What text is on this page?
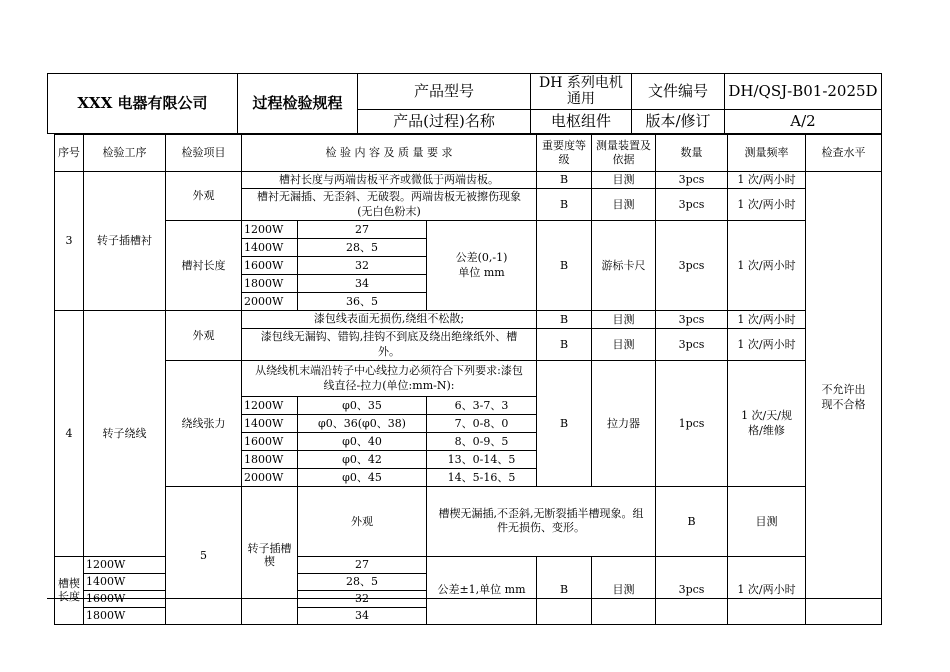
XXX 电器有限公司	过程检验规程	产品型号	DH 系列电机通用	文件编号	DH/QSJ-B01-2025D
		产品(过程)名称	电枢组件	版本/修订	A/2
序号	检验工序	检验项目	检 验 内 容 及 质 量 要 求			重要度等级	测量装置及依据	数量	测量频率	检查水平	
3	转子插槽衬	外观	槽衬长度与两端齿板平齐或微低于两端齿板。			B	目测	3pcs	1 次/两小时	不允许出现不合格	
			槽衬无漏插、无歪斜、无破裂。两端齿板无被擦伤现象(无白色粉末)			B	目测	3pcs	1 次/两小时		
		槽衬长度	1200W	27	公差(0,-1)单位 mm	B	游标卡尺	3pcs	1 次/两小时		
			1400W	28、5							
			1600W	32							
			1800W	34							
			2000W	36、5							
4	转子绕线	外观	漆包线表面无损伤,绕组不松散;			B	目测	3pcs	1 次/两小时		
			漆包线无漏钩、错钩,挂钩不到底及绕出绝缘纸外、槽外。			B	目测	3pcs	1 次/两小时		
		绕线张力	从绕线机末端沿转子中心线拉力必须符合下列要求:漆包线直径-拉力(单位:mm-N):			B	拉力器	1pcs	1 次/天/规格/维修		
			1200W	φ0、35	6、3-7、3						
			1400W	φ0、36(φ0、38)	7、0-8、0						
			1600W	φ0、40	8、0-9、5						
			1800W	φ0、42	13、0-14、5						
			2000W	φ0、45	14、5-16、5						
		5	转子插槽楔	外观	槽楔无漏插,不歪斜,无断裂插半槽现象。组件无损伤、变形。			B	目测		
槽楔长度	1200W			27	公差±1,单位 mm	B	目测	3pcs	1 次/两小时		
	1400W			28、5							
	1600W			32							
	1800W			34							
